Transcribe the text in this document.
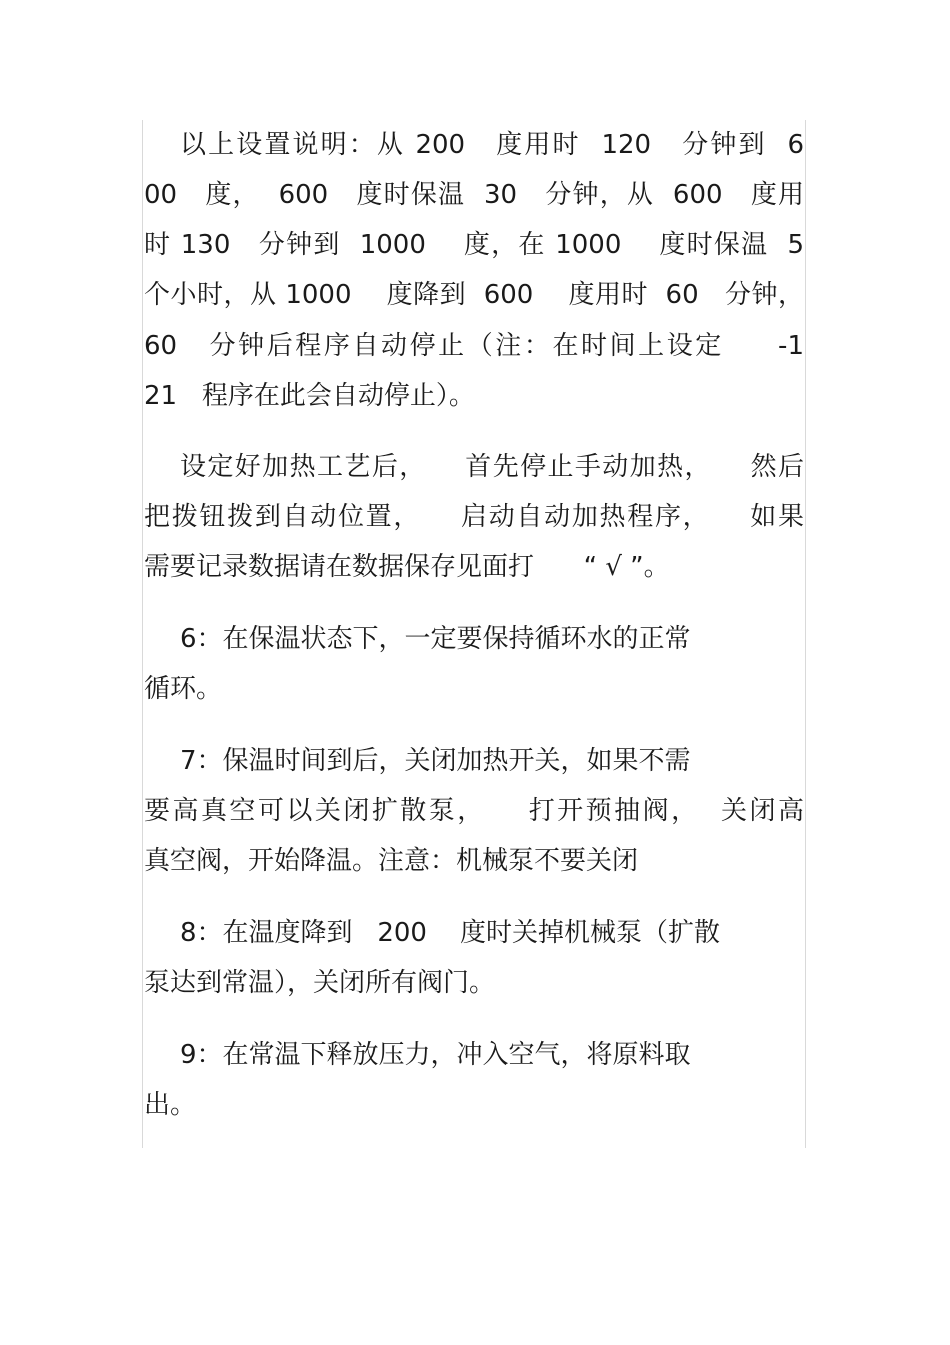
以上设置说明：从 200   度用时  120   分钟到  6
00   度，  600   度时保温  30   分钟，从  600   度用
时 130   分钟到  1000    度，在 1000    度时保温  5
个小时，从 1000    度降到  600    度用时  60   分钟，
60   分钟后程序自动停止（注：在时间上设定     -1
21   程序在此会自动停止）。
设定好加热工艺后，    首先停止手动加热，    然后
把拨钮拨到自动位置，    启动自动加热程序，    如果
需要记录数据请在数据保存见面打      “ √ ”。
6：在保温状态下，一定要保持循环水的正常
循环。
7：保温时间到后，关闭加热开关，如果不需
要高真空可以关闭扩散泵，    打开预抽阀，  关闭高
真空阀，开始降温。注意：机械泵不要关闭
8：在温度降到   200    度时关掉机械泵（扩散
泵达到常温），关闭所有阀门。
9：在常温下释放压力，冲入空气，将原料取
出。
